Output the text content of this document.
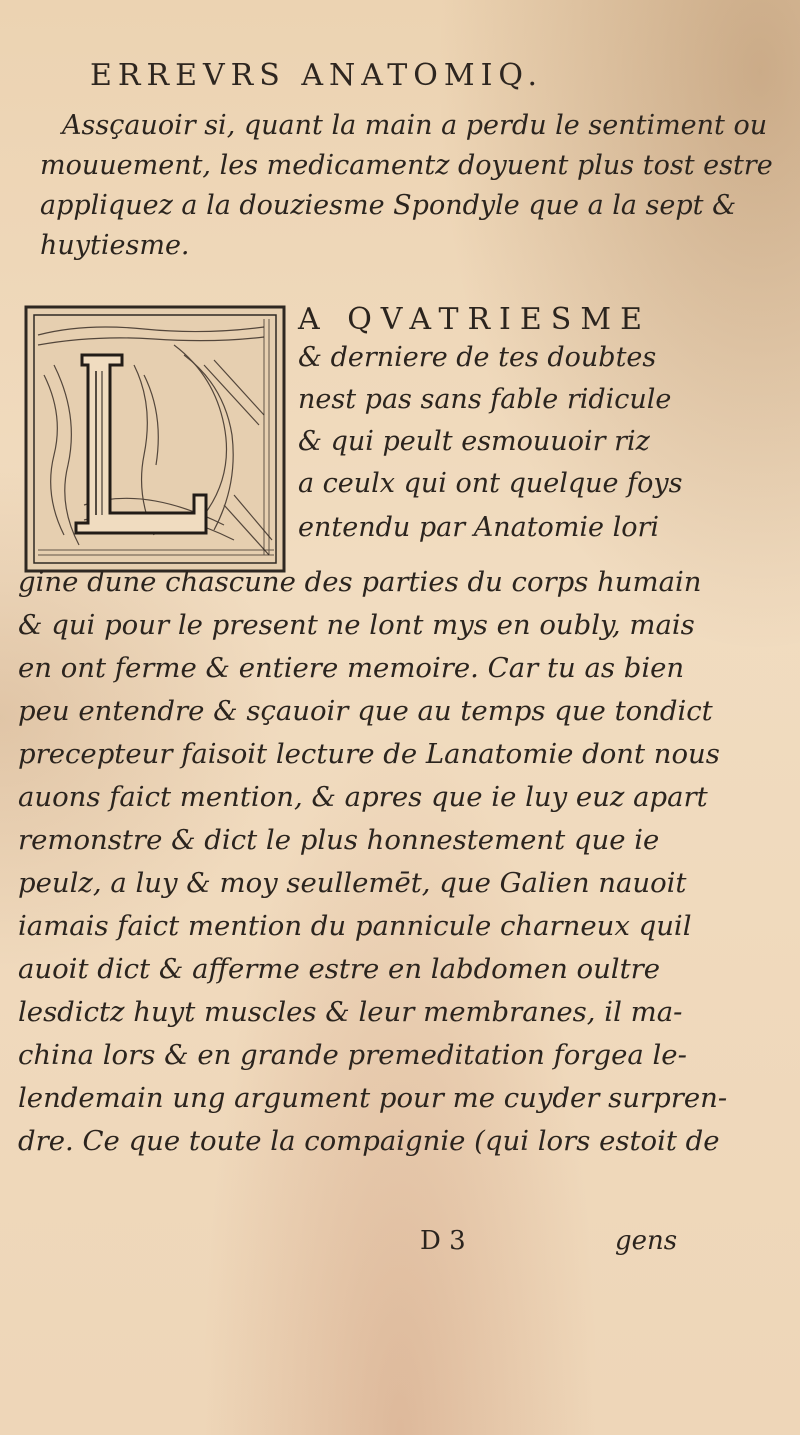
ERREVRS ANATOMIQ.
Assçauoir si, quant la main a perdu le sentiment ou
mouuement, les medicamentz doyuent plus tost estre
appliquez a la douziesme Spondyle que a la sept &
huytiesme.
A QVATRIESME
& derniere de tes doubtes
nest pas sans fable ridicule
& qui peult esmouuoir riz
a ceulx qui ont quelque foys
entendu par Anatomie lori
gine dune chascune des parties du corps humain
& qui pour le present ne lont mys en oubly, mais
en ont ferme & entiere memoire. Car tu as bien
peu entendre & sçauoir que au temps que tondict
precepteur faisoit lecture de Lanatomie dont nous
auons faict mention, & apres que ie luy euz apart
remonstre & dict le plus honnestement que ie
peulz, a luy & moy seullemēt, que Galien nauoit
iamais faict mention du pannicule charneux quil
auoit dict & afferme estre en labdomen oultre
lesdictz huyt muscles & leur membranes, il ma-
china lors & en grande premeditation forgea le-
lendemain ung argument pour me cuyder surpren-
dre. Ce que toute la compaignie (qui lors estoit de
D 3	gens
